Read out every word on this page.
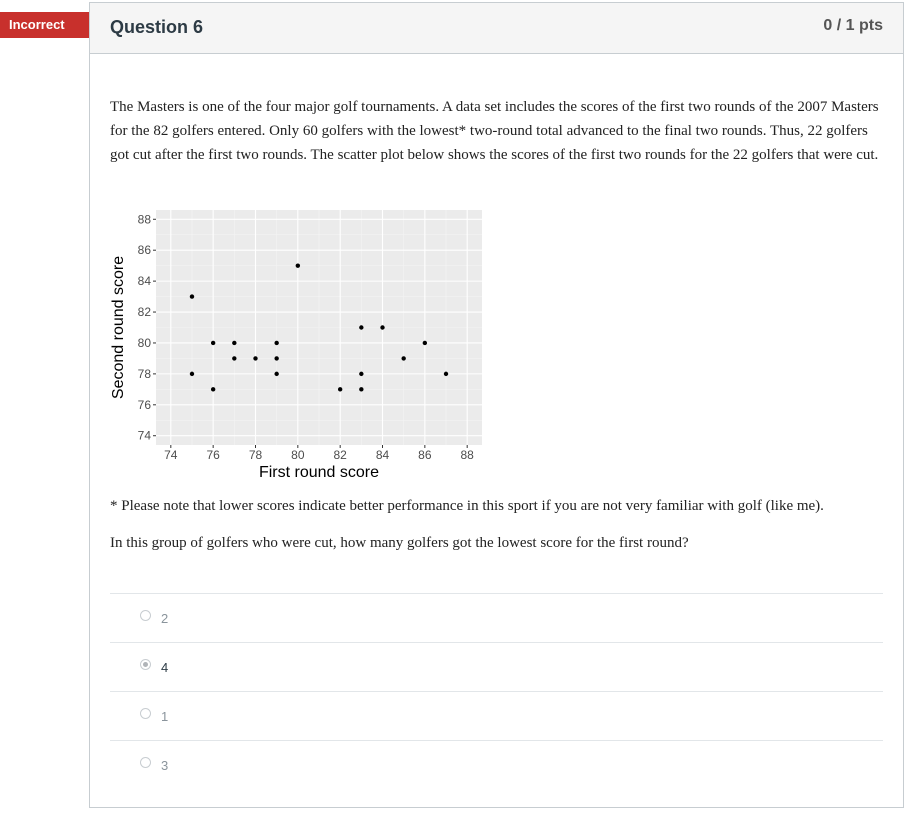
Incorrect	Question 6	0 / 1 pts
The Masters is one of the four major golf tournaments. A data set includes the scores of the first two rounds of the 2007 Masters for the 82 golfers entered. Only 60 golfers with the lowest* two-round total advanced to the final two rounds. Thus, 22 golfers got cut after the first two rounds. The scatter plot below shows the scores of the first two rounds for the 22 golfers that were cut.
74 76 78 80 82 84 86 88
74
76
78
80
82
84
86
88
First round score
Second round score
* Please note that lower scores indicate better performance in this sport if you are not very familiar with golf (like me).
In this group of golfers who were cut, how many golfers got the lowest score for the first round?
2
4
1
3
